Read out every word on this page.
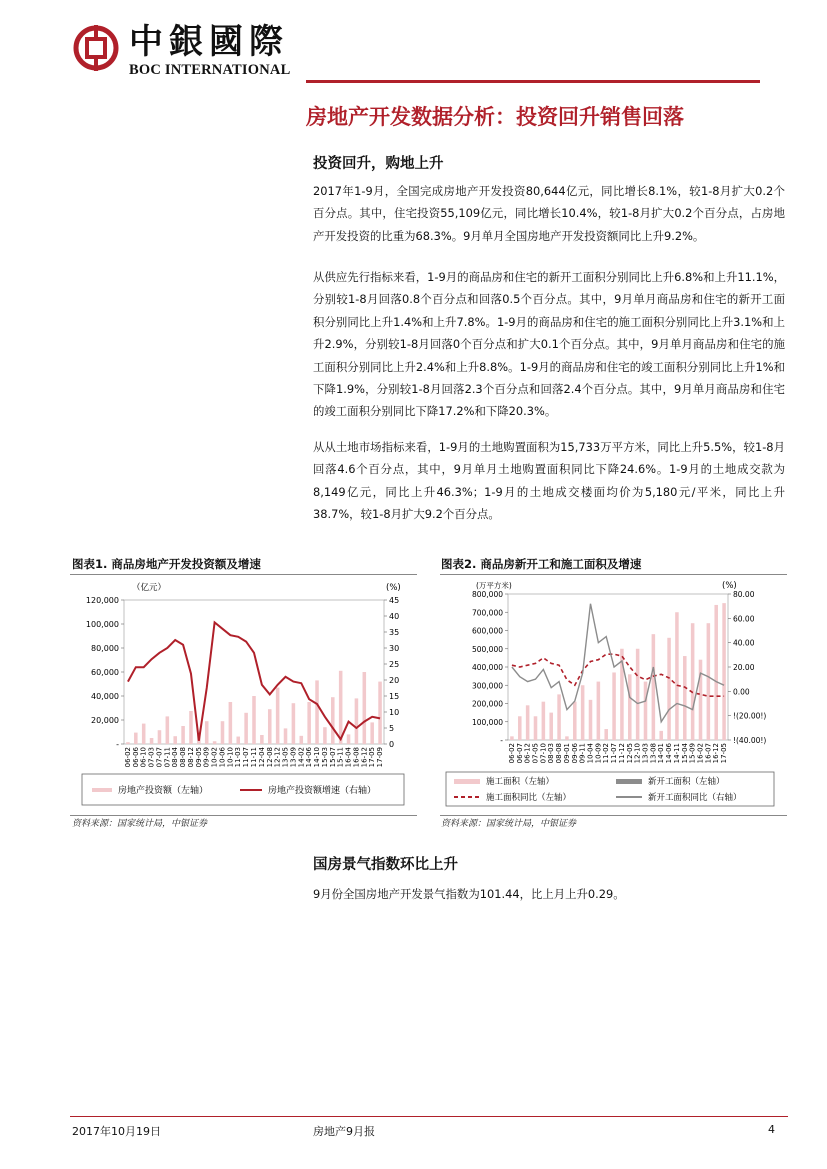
中銀國際
BOC INTERNATIONAL
房地产开发数据分析：投资回升销售回落
投资回升，购地上升
2017年1-9月，全国完成房地产开发投资80,644亿元，同比增长8.1%，较1-8月扩大0.2个百分点。其中，住宅投资55,109亿元，同比增长10.4%，较1-8月扩大0.2个百分点，占房地产开发投资的比重为68.3%。9月单月全国房地产开发投资额同比上升9.2%。
从供应先行指标来看，1-9月的商品房和住宅的新开工面积分别同比上升6.8%和上升11.1%，分别较1-8月回落0.8个百分点和回落0.5个百分点。其中，9月单月商品房和住宅的新开工面积分别同比上升1.4%和上升7.8%。1-9月的商品房和住宅的施工面积分别同比上升3.1%和上升2.9%，分别较1-8月回落0个百分点和扩大0.1个百分点。其中，9月单月商品房和住宅的施工面积分别同比上升2.4%和上升8.8%。1-9月的商品房和住宅的竣工面积分别同比上升1%和下降1.9%，分别较1-8月回落2.3个百分点和回落2.4个百分点。其中，9月单月商品房和住宅的竣工面积分别同比下降17.2%和下降20.3%。
从从土地市场指标来看，1-9月的土地购置面积为15,733万平方米，同比上升5.5%，较1-8月回落4.6个百分点，其中，9月单月土地购置面积同比下降24.6%。1-9月的土地成交款为8,149亿元，同比上升46.3%；1-9月的土地成交楼面均价为5,180元/平米，同比上升38.7%，较1-8月扩大9.2个百分点。
图表1. 商品房地产开发投资额及增速
（亿元）	(%)
-
20,000
40,000
60,000
80,000
100,000
120,000
0
5
10
15
20
25
30
35
40
45
06-02 06-06 06-10 07-03 07-07 07-11 08-04 08-08 08-12 09-05 09-09 10-02 10-06 10-10 11-03 11-07 11-11 12-04 12-08 12-12 13-05 13-09 14-02 14-06 14-10 15-03 15-07 15-11 16-04 16-08 16-12 17-05 17-09
房地产投资额（左轴）	房地产投资额增速（右轴）
资料来源：国家统计局，中银证券
图表2. 商品房新开工和施工面积及增速
(万平方米)	(%)
-
100,000
200,000
300,000
400,000
500,000
600,000
700,000
800,000
!(40.00!)
!(20.00!)
0.00
20.00
40.00
60.00
80.00
06-02 06-07 06-12 07-05 07-10 08-03 08-08 09-01 09-06 09-11 10-04 10-09 11-02 11-07 11-12 12-05 12-10 13-03 13-08 14-01 14-06 14-11 15-04 15-09 16-02 16-07 16-12 17-05
施工面积（左轴）	新开工面积（左轴）
施工面积同比（左轴）	新开工面积同比（右轴）
资料来源：国家统计局，中银证券
国房景气指数环比上升
9月份全国房地产开发景气指数为101.44，比上月上升0.29。
2017年10月19日	房地产9月报	4
